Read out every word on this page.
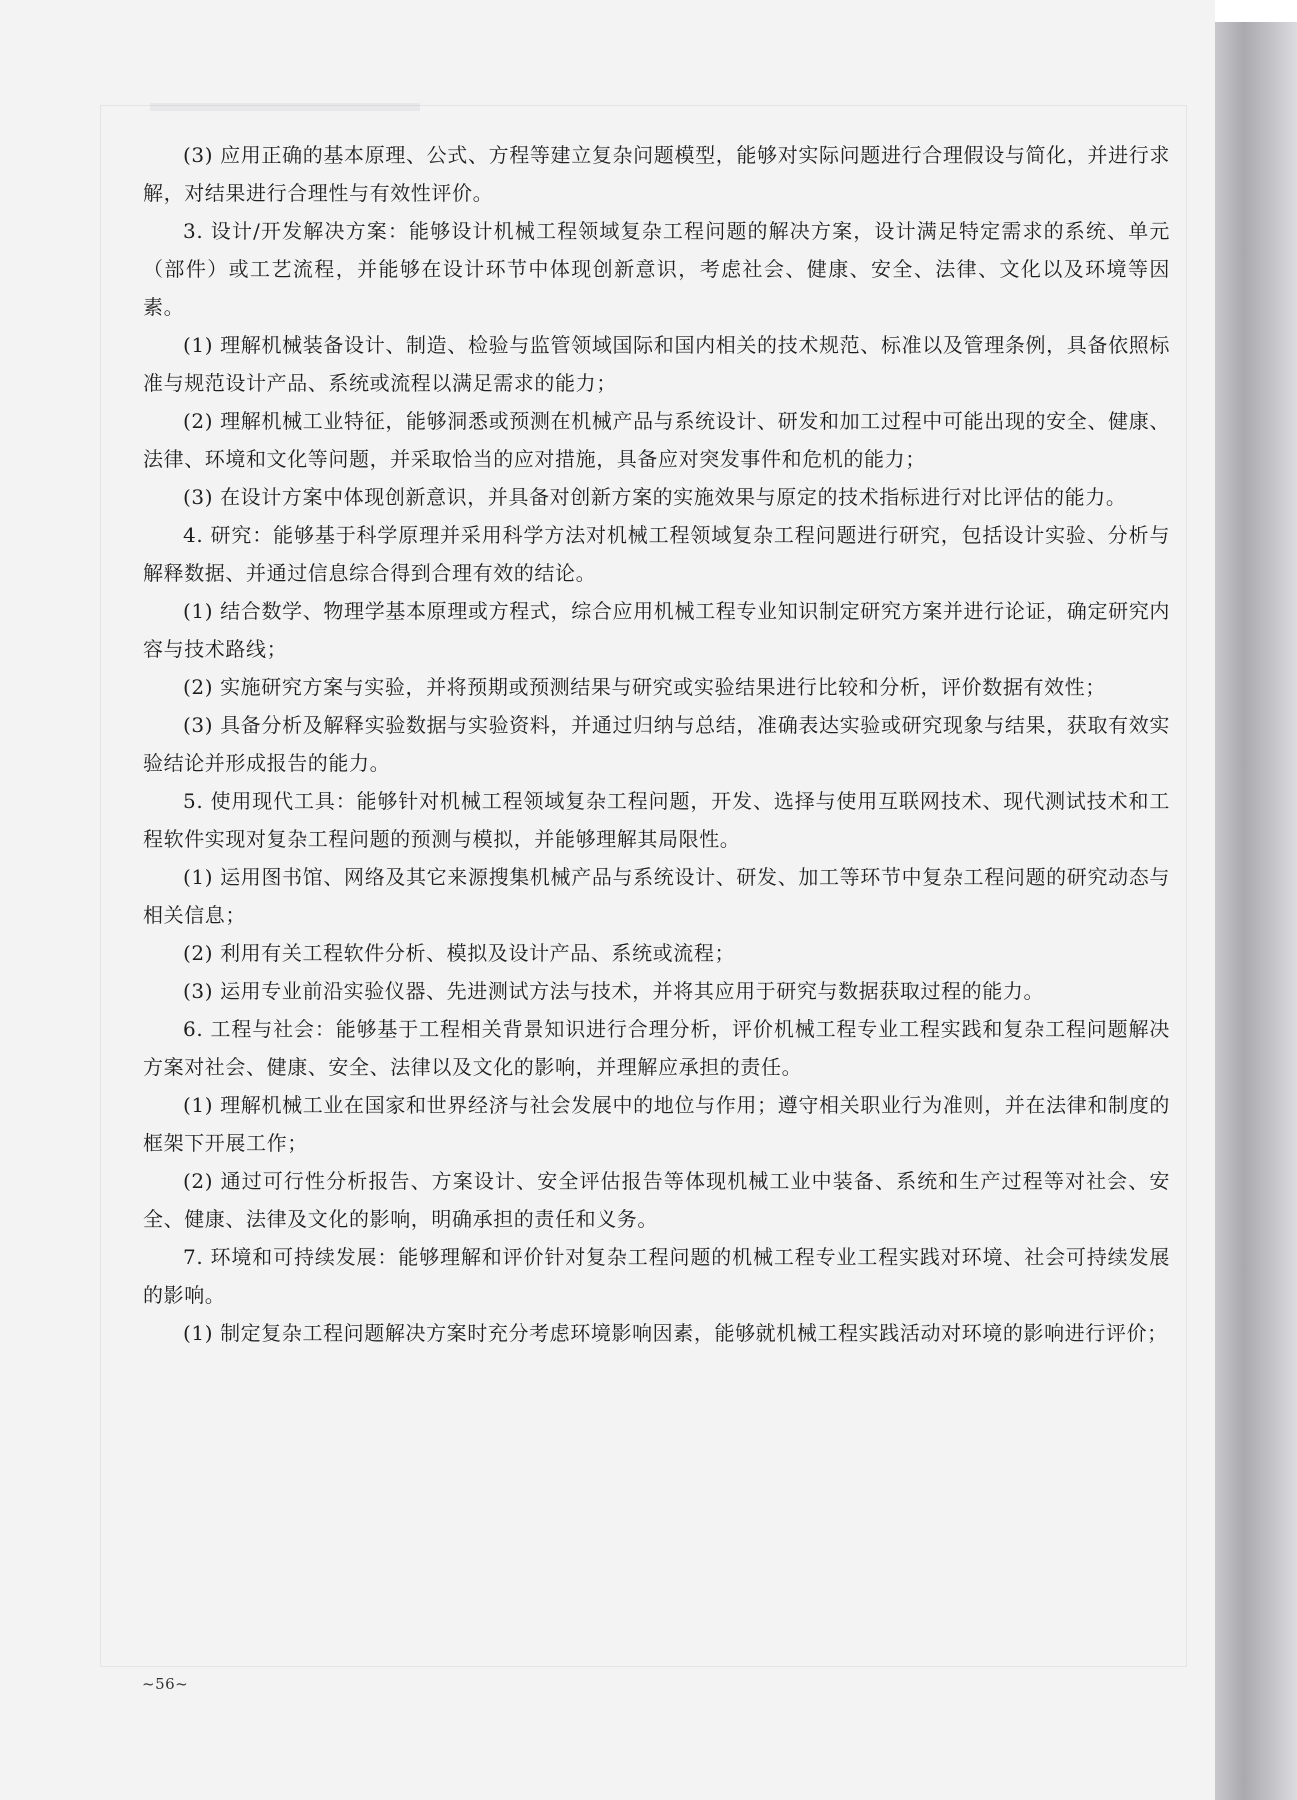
(3) 应用正确的基本原理、公式、方程等建立复杂问题模型，能够对实际问题进行合理假设与简化，并进行求解，对结果进行合理性与有效性评价。

3. 设计/开发解决方案：能够设计机械工程领域复杂工程问题的解决方案，设计满足特定需求的系统、单元（部件）或工艺流程，并能够在设计环节中体现创新意识，考虑社会、健康、安全、法律、文化以及环境等因素。

(1) 理解机械装备设计、制造、检验与监管领域国际和国内相关的技术规范、标准以及管理条例，具备依照标准与规范设计产品、系统或流程以满足需求的能力；

(2) 理解机械工业特征，能够洞悉或预测在机械产品与系统设计、研发和加工过程中可能出现的安全、健康、法律、环境和文化等问题，并采取恰当的应对措施，具备应对突发事件和危机的能力；

(3) 在设计方案中体现创新意识，并具备对创新方案的实施效果与原定的技术指标进行对比评估的能力。

4. 研究：能够基于科学原理并采用科学方法对机械工程领域复杂工程问题进行研究，包括设计实验、分析与解释数据、并通过信息综合得到合理有效的结论。

(1) 结合数学、物理学基本原理或方程式，综合应用机械工程专业知识制定研究方案并进行论证，确定研究内容与技术路线；

(2) 实施研究方案与实验，并将预期或预测结果与研究或实验结果进行比较和分析，评价数据有效性；

(3) 具备分析及解释实验数据与实验资料，并通过归纳与总结，准确表达实验或研究现象与结果，获取有效实验结论并形成报告的能力。

5. 使用现代工具：能够针对机械工程领域复杂工程问题，开发、选择与使用互联网技术、现代测试技术和工程软件实现对复杂工程问题的预测与模拟，并能够理解其局限性。

(1) 运用图书馆、网络及其它来源搜集机械产品与系统设计、研发、加工等环节中复杂工程问题的研究动态与相关信息；

(2) 利用有关工程软件分析、模拟及设计产品、系统或流程；

(3) 运用专业前沿实验仪器、先进测试方法与技术，并将其应用于研究与数据获取过程的能力。

6. 工程与社会：能够基于工程相关背景知识进行合理分析，评价机械工程专业工程实践和复杂工程问题解决方案对社会、健康、安全、法律以及文化的影响，并理解应承担的责任。

(1) 理解机械工业在国家和世界经济与社会发展中的地位与作用；遵守相关职业行为准则，并在法律和制度的框架下开展工作；

(2) 通过可行性分析报告、方案设计、安全评估报告等体现机械工业中装备、系统和生产过程等对社会、安全、健康、法律及文化的影响，明确承担的责任和义务。

7. 环境和可持续发展：能够理解和评价针对复杂工程问题的机械工程专业工程实践对环境、社会可持续发展的影响。

(1) 制定复杂工程问题解决方案时充分考虑环境影响因素，能够就机械工程实践活动对环境的影响进行评价；

~56~
